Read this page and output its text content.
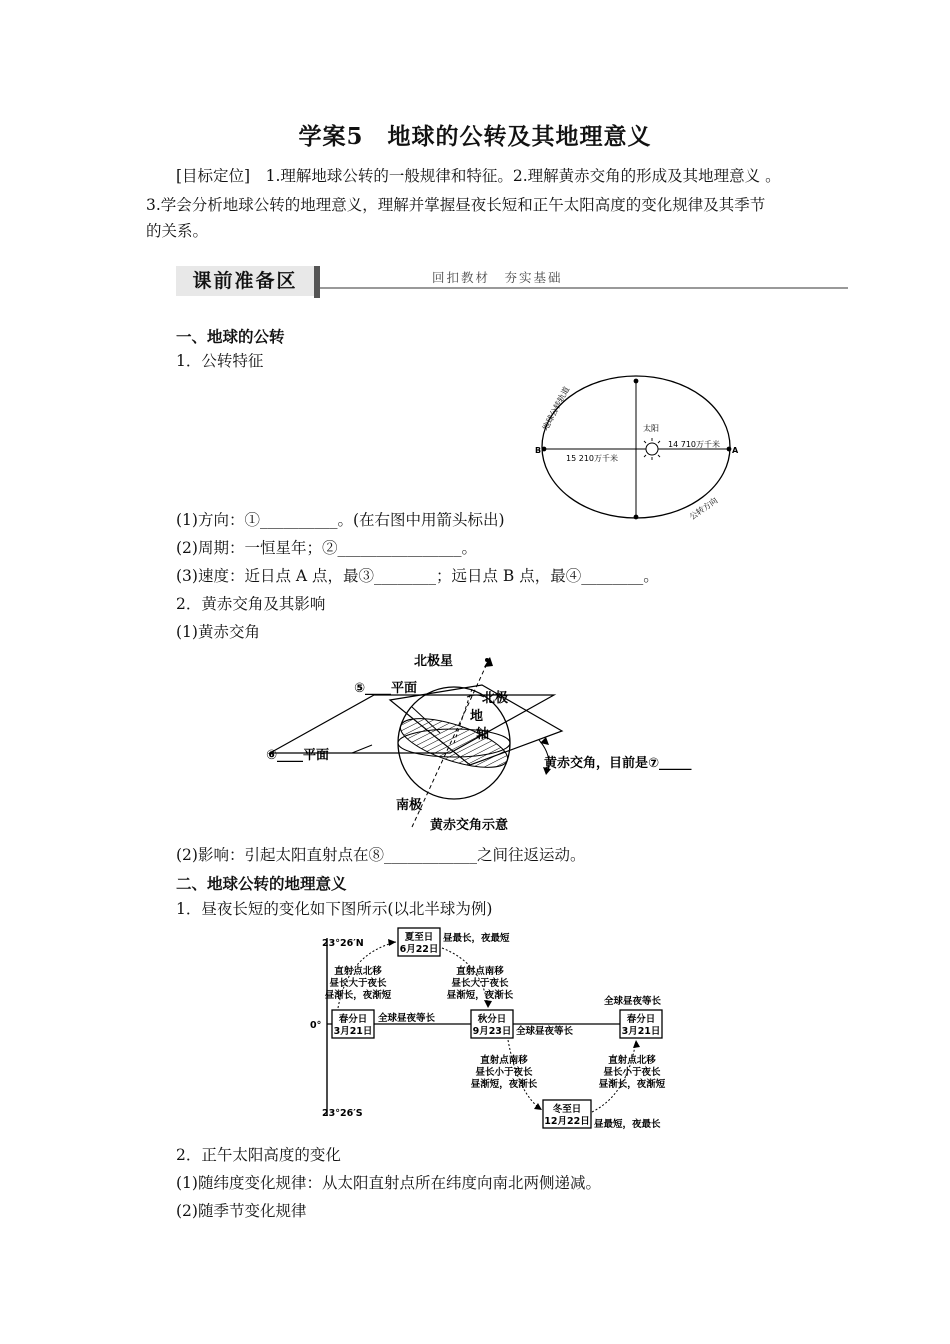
学案5　地球的公转及其地理意义
[目标定位]　1.理解地球公转的一般规律和特征。2.理解黄赤交角的形成及其地理意义 。
3.学会分析地球公转的地理意义，理解并掌握昼夜长短和正午太阳高度的变化规律及其季节
的关系。
课前准备区	回扣教材　夯实基础
一、地球的公转
1．公转特征
太阳
14 710万千米
15 210万千米
A
B
地球公转轨道
公转方向
(1)方向：①__________。(在右图中用箭头标出)
(2)周期：一恒星年；②________________。
(3)速度：近日点 A 点，最③________；远日点 B 点，最④________。
2．黄赤交角及其影响
(1)黄赤交角
北极星
⑤____平面
北极
地
轴
⑥____平面
黄赤交角，目前是⑦_____
南极
黄赤交角示意
(2)影响：引起太阳直射点在⑧____________之间往返运动。
二、地球公转的地理意义
1．昼夜长短的变化如下图所示(以北半球为例)
23°26′N
0°
23°26′S
夏至日
6月22日
昼最长，夜最短
春分日
3月21日
全球昼夜等长	秋分日
9月23日 全球昼夜等长
春分日
3月21日
全球昼夜等长
冬至日
12月22日 昼最短，夜最长
直射点北移
昼长大于夜长
昼渐长，夜渐短
直射点南移
昼长大于夜长
昼渐短，夜渐长
直射点南移
昼长小于夜长
昼渐短，夜渐长
直射点北移
昼长小于夜长
昼渐长，夜渐短
2．正午太阳高度的变化
(1)随纬度变化规律：从太阳直射点所在纬度向南北两侧递减。
(2)随季节变化规律
